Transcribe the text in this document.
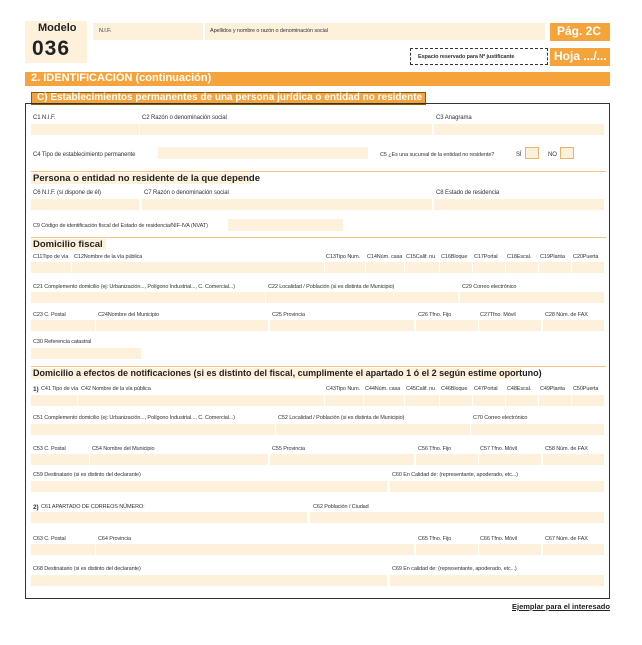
Modelo
036
N.I.F.	Apellidos y nombre o razón o denominación social	Pág. 2C
Espacio reservado para Nº justificante	Hoja .../...
2. IDENTIFICACIÓN (continuación)
C) Establecimientos permanentes de una persona jurídica o entidad no residente
C1 N.I.F.	C2 Razón o denominación social	C3 Anagrama
C4 Tipo de establecimiento permanente	C5 ¿Es una sucursal de la entidad no residente?	SÍ	NO
Persona o entidad no residente de la que depende
C6 N.I.F. (si dispone de él)	C7 Razón o denominación social	C8 Estado de residencia
C9 Código de identificación fiscal del Estado de residencia/NIF-IVA (NVAT)
Domicilio fiscal
C11Tipo de vía C12Nombre de la vía pública	C13Tipo Num. C14Núm. casa C15Calif. nu C16Bloque C17Portal C18Escal. C19Planta C20Puerta
C21 Complemento domicilio (ej: Urbanización..., Polígono Industrial..., C. Comercial...)	C22 Localidad / Población (si es distinta de Municipio)	C29 Correo electrónico
C23 C. Postal	C24Nombre del Municipio	C25 Provincia	C26 Tfno. Fijo	C27Tfno. Móvil	C28 Núm. de FAX
C30 Referencia catastral
Domicilio a efectos de notificaciones (si es distinto del fiscal, cumplimente el apartado 1 ó el 2 según estime oportuno)
1) C41 Tipo de vía C42 Nombre de la vía pública	C43Tipo Num. C44Núm. casa C45Calif. nu C46Bloque C47Portal C48Escal. C49Planta C50Puerta
C51 Complemento domicilio (ej: Urbanización..., Polígono Industrial..., C. Comercial...)	C52 Localidad / Población (si es distinta de Municipio)	C70 Correo electrónico
C53 C. Postal	C54 Nombre del Municipio	C55 Provincia	C56 Tfno. Fijo	C57 Tfno. Móvil	C58 Núm. de FAX
C59 Destinatario (si es distinto del declarante)	C60 En Calidad de: (representante, apoderado, etc...)
2) C61 APARTADO DE CORREOS NÚMERO:	C62 Población / Ciudad
C63 C. Postal	C64 Provincia	C65 Tfno. Fijo	C66 Tfno. Móvil	C67 Núm. de FAX
C68 Destinatario (si es distinto del declarante)	C69 En calidad de: (representante, apoderado, etc...)
Ejemplar para el interesado
